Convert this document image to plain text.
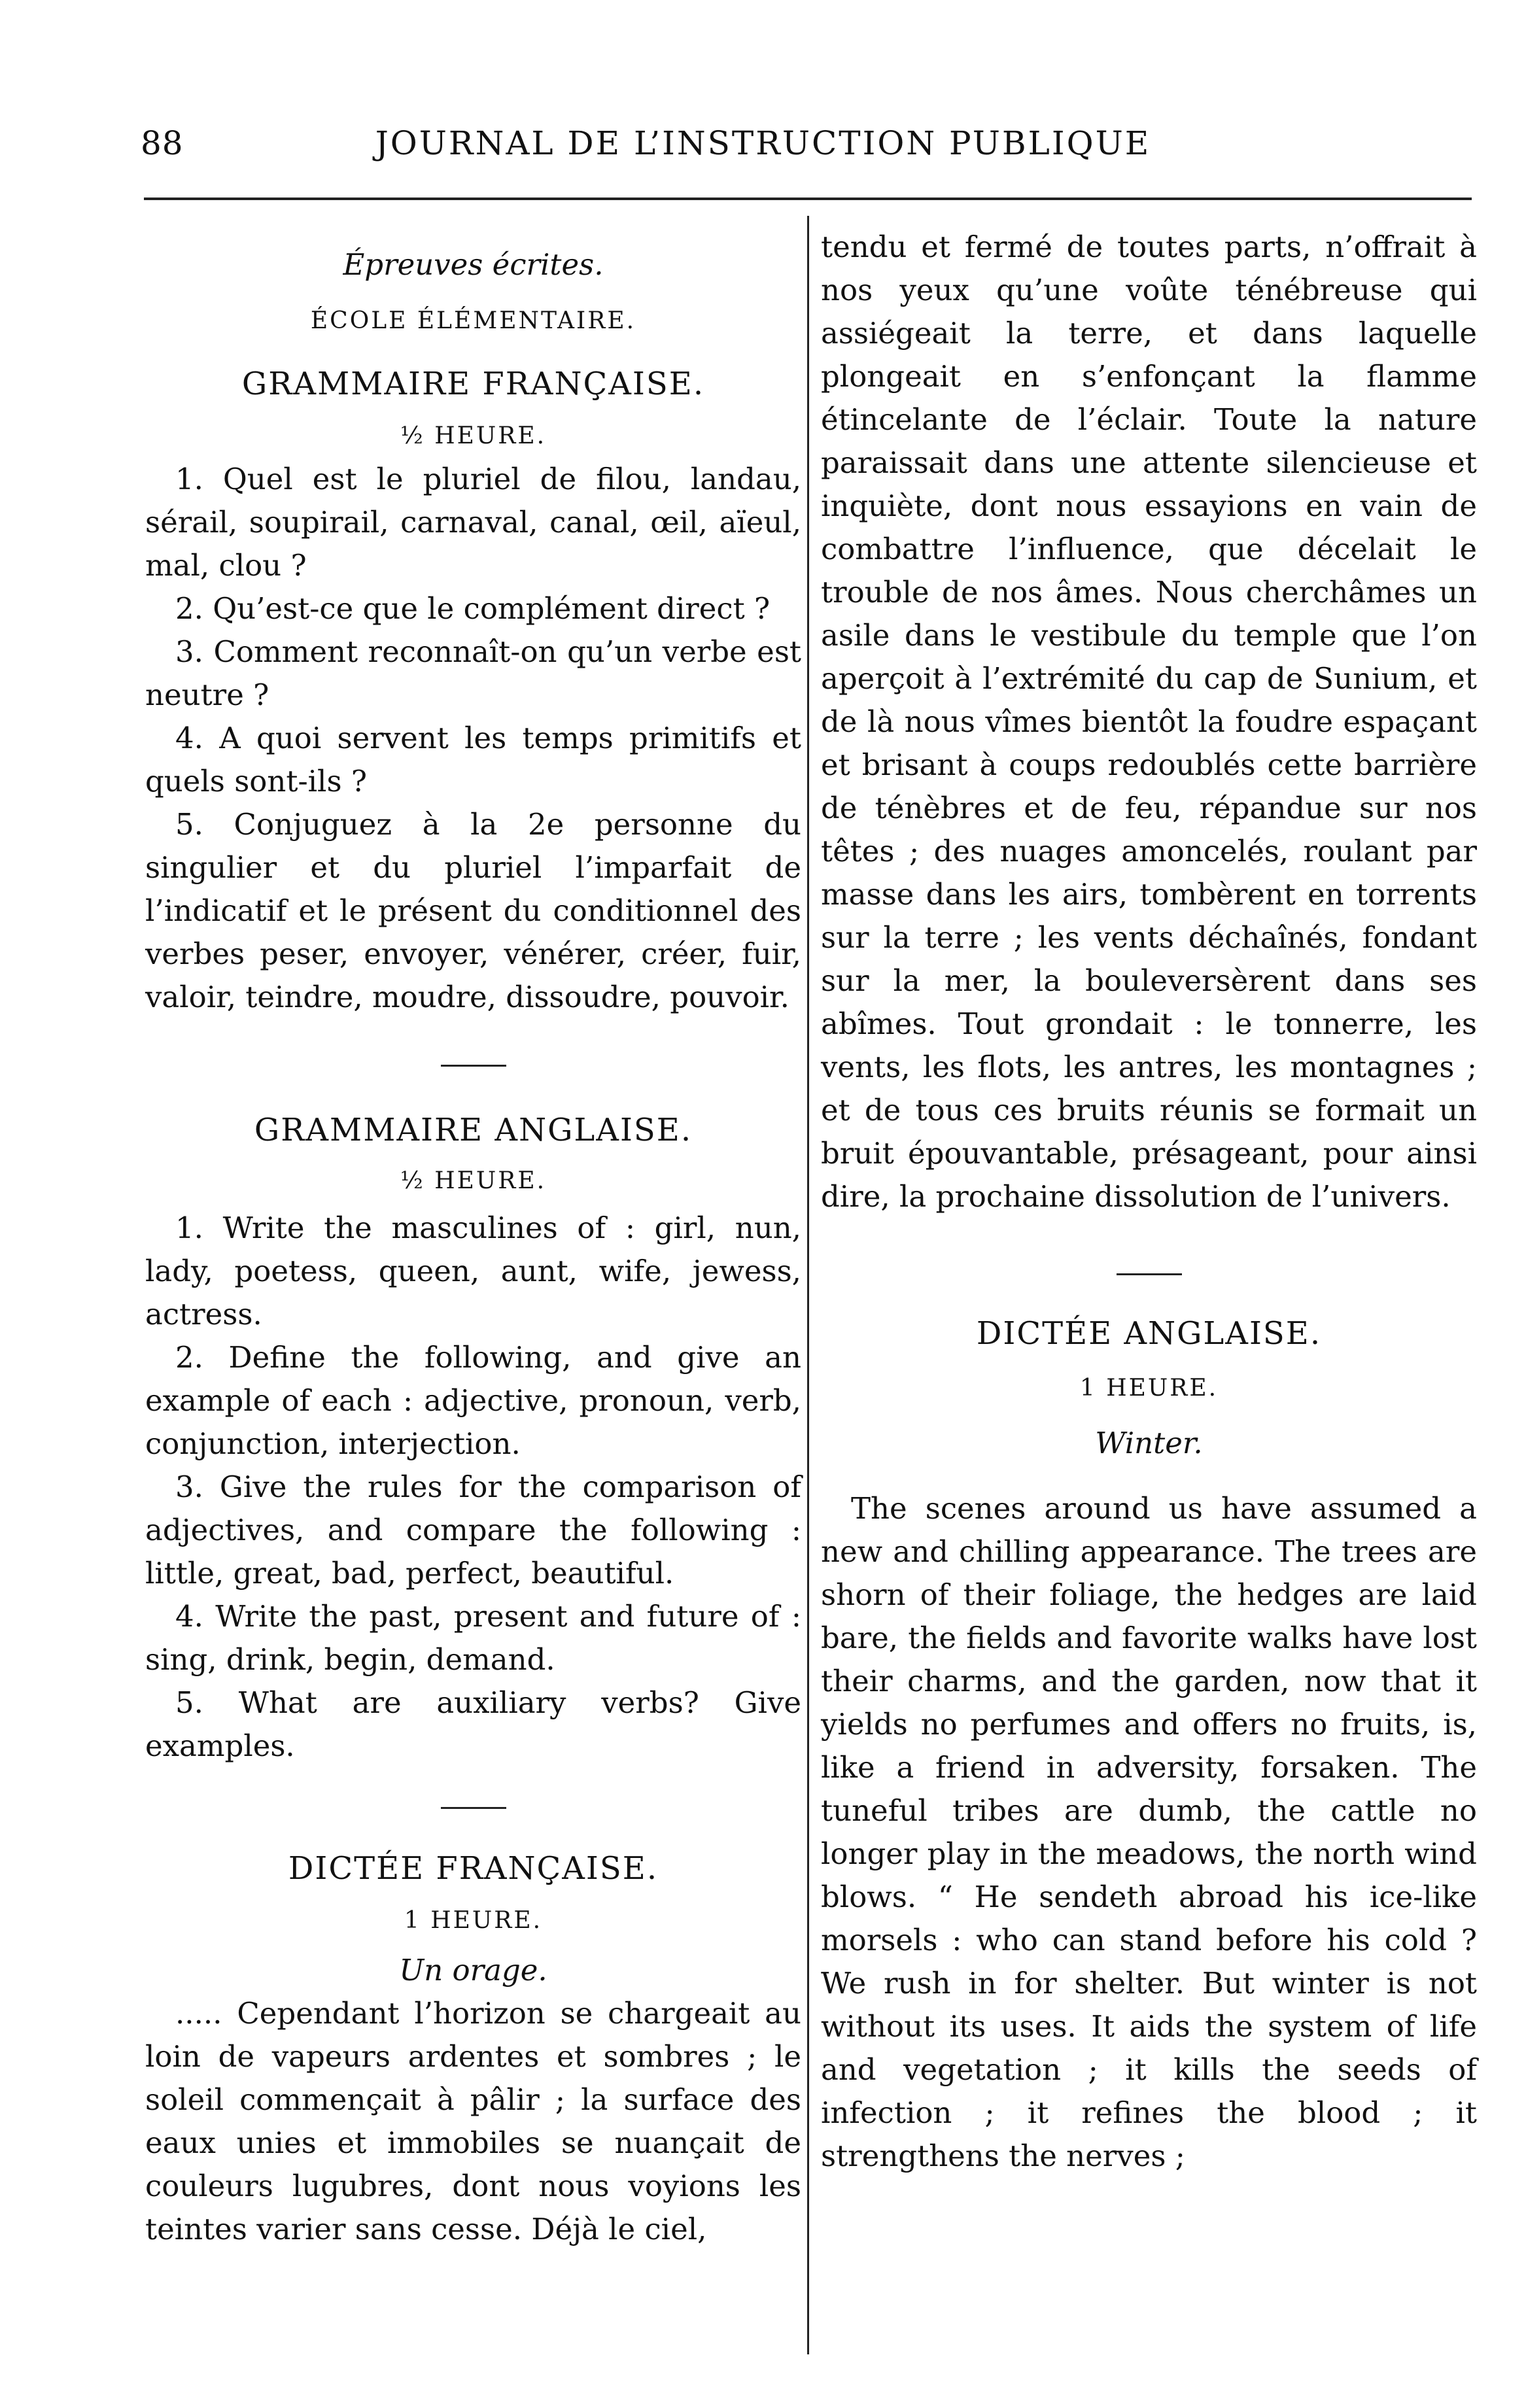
88	JOURNAL DE L’INSTRUCTION PUBLIQUE

Épreuves écrites.

ÉCOLE ÉLÉMENTAIRE.

GRAMMAIRE FRANÇAISE.

½ HEURE.

1. Quel est le pluriel de filou, landau, sérail, soupirail, carnaval, canal, œil, aïeul, mal, clou ?

2. Qu’est-ce que le complément direct ?

3. Comment reconnaît-on qu’un verbe est neutre ?

4. A quoi servent les temps primitifs et quels sont-ils ?

5. Conjuguez à la 2e personne du singulier et du pluriel l’imparfait de l’indicatif et le présent du conditionnel des verbes peser, envoyer, vénérer, créer, fuir, valoir, teindre, moudre, dissoudre, pouvoir.

GRAMMAIRE ANGLAISE.

½ HEURE.

1. Write the masculines of : girl, nun, lady, poetess, queen, aunt, wife, jewess, actress.

2. Define the following, and give an example of each : adjective, pronoun, verb, conjunction, interjection.

3. Give the rules for the comparison of adjectives, and compare the following : little, great, bad, perfect, beautiful.

4. Write the past, present and future of : sing, drink, begin, demand.

5. What are auxiliary verbs? Give examples.

DICTÉE FRANÇAISE.

1 HEURE.

Un orage.

..... Cependant l’horizon se chargeait au loin de vapeurs ardentes et sombres ; le soleil commençait à pâlir ; la surface des eaux unies et immobiles se nuançait de couleurs lugubres, dont nous voyions les teintes varier sans cesse. Déjà le ciel,

tendu et fermé de toutes parts, n’offrait à nos yeux qu’une voûte ténébreuse qui assiégeait la terre, et dans laquelle plongeait en s’enfonçant la flamme étincelante de l’éclair. Toute la nature paraissait dans une attente silencieuse et inquiète, dont nous essayions en vain de combattre l’influence, que décelait le trouble de nos âmes. Nous cherchâmes un asile dans le vestibule du temple que l’on aperçoit à l’extrémité du cap de Sunium, et de là nous vîmes bientôt la foudre espaçant et brisant à coups redoublés cette barrière de ténèbres et de feu, répandue sur nos têtes ; des nuages amoncelés, roulant par masse dans les airs, tombèrent en torrents sur la terre ; les vents déchaînés, fondant sur la mer, la bouleversèrent dans ses abîmes. Tout grondait : le tonnerre, les vents, les flots, les antres, les montagnes ; et de tous ces bruits réunis se formait un bruit épouvantable, présageant, pour ainsi dire, la prochaine dissolution de l’univers.

DICTÉE ANGLAISE.

1 HEURE.

Winter.

The scenes around us have assumed a new and chilling appearance. The trees are shorn of their foliage, the hedges are laid bare, the fields and favorite walks have lost their charms, and the garden, now that it yields no perfumes and offers no fruits, is, like a friend in adversity, forsaken. The tuneful tribes are dumb, the cattle no longer play in the meadows, the north wind blows. “ He sendeth abroad his ice-like morsels : who can stand before his cold ? We rush in for shelter. But winter is not without its uses. It aids the system of life and vegetation ; it kills the seeds of infection ; it refines the blood ; it strengthens the nerves ;
